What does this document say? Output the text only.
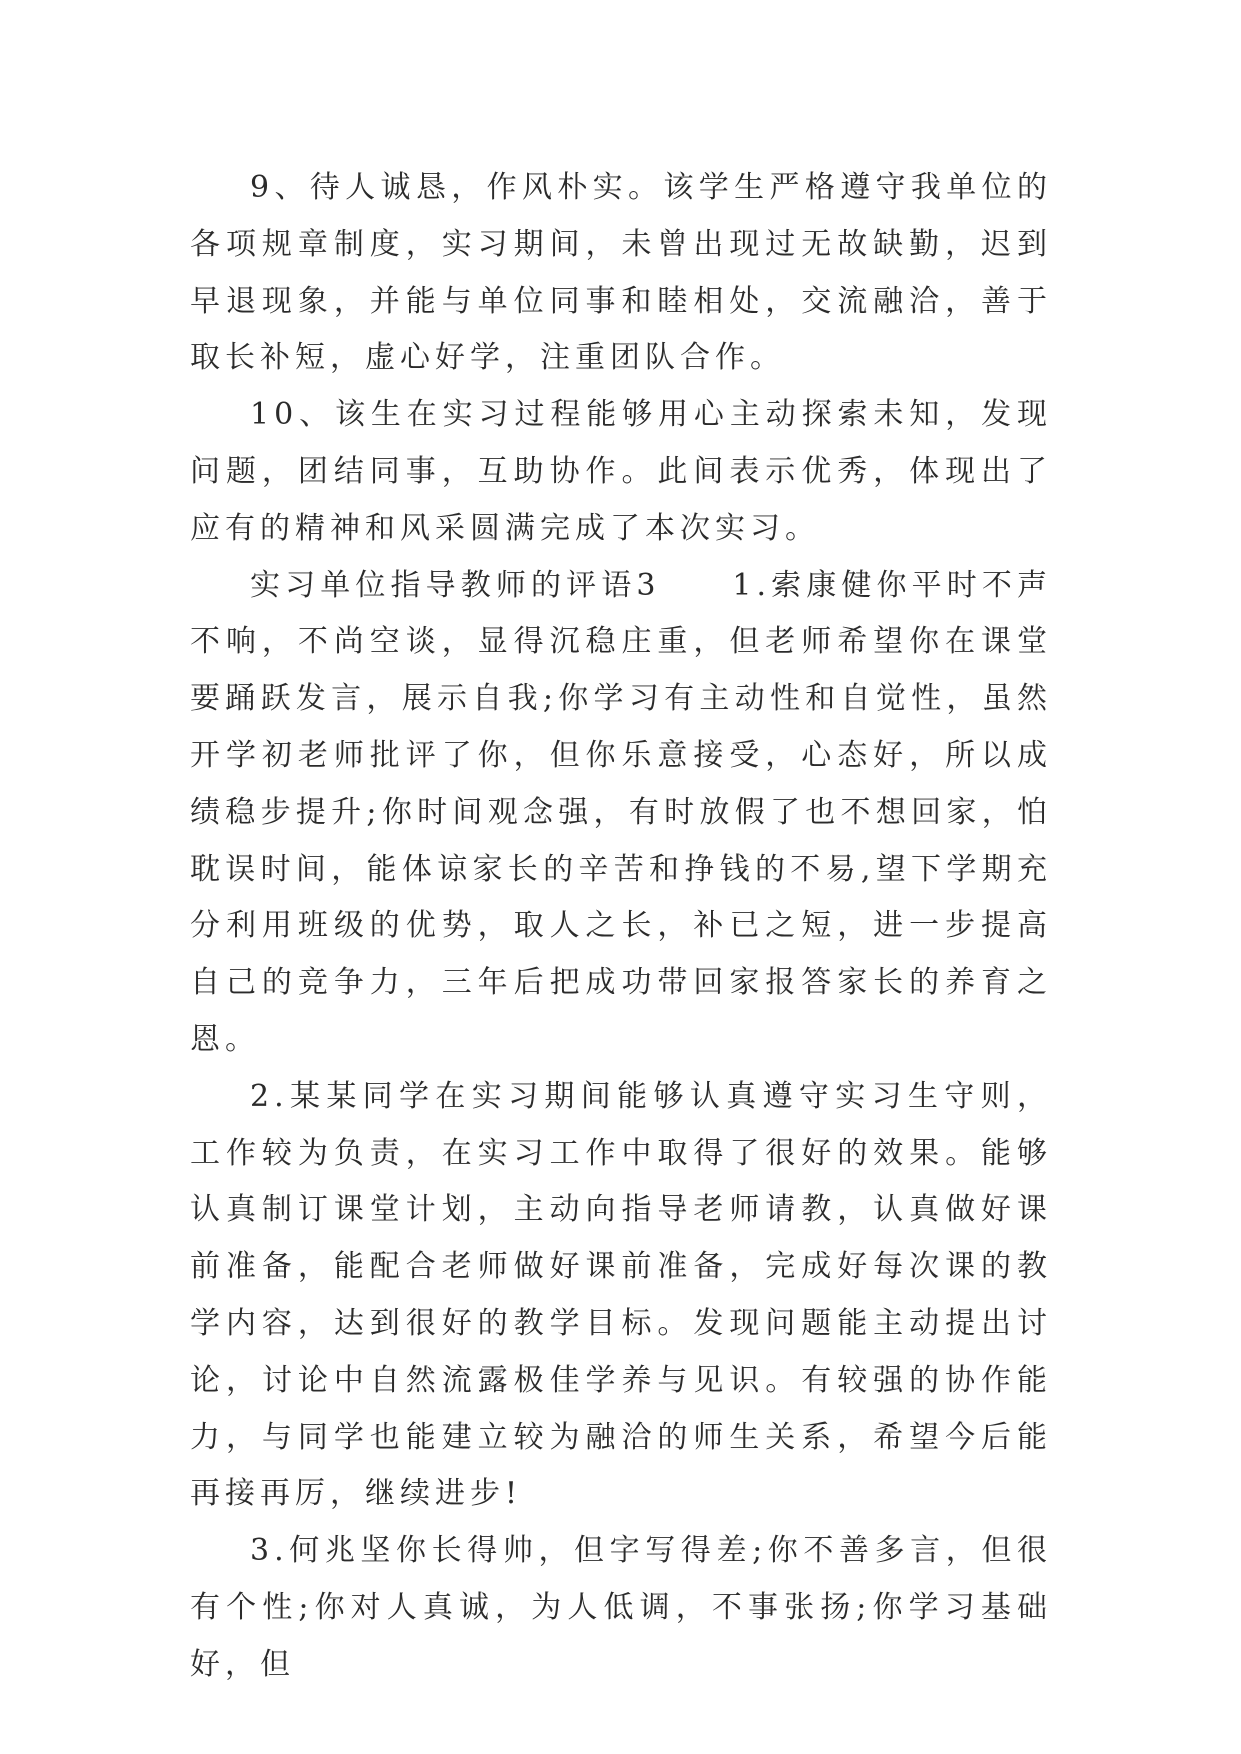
9、待人诚恳，作风朴实。该学生严格遵守我单位的各项规章制度，实习期间，未曾出现过无故缺勤，迟到早退现象，并能与单位同事和睦相处，交流融洽，善于取长补短，虚心好学，注重团队合作。

10、该生在实习过程能够用心主动探索未知，发现问题，团结同事，互助协作。此间表示优秀，体现出了应有的精神和风采圆满完成了本次实习。

实习单位指导教师的评语3 1.索康健你平时不声不响，不尚空谈，显得沉稳庄重，但老师希望你在课堂要踊跃发言，展示自我;你学习有主动性和自觉性，虽然开学初老师批评了你，但你乐意接受，心态好，所以成绩稳步提升;你时间观念强，有时放假了也不想回家，怕耽误时间，能体谅家长的辛苦和挣钱的不易,望下学期充分利用班级的优势，取人之长，补已之短，进一步提高自己的竞争力，三年后把成功带回家报答家长的养育之恩。

2.某某同学在实习期间能够认真遵守实习生守则，工作较为负责，在实习工作中取得了很好的效果。能够认真制订课堂计划，主动向指导老师请教，认真做好课前准备，能配合老师做好课前准备，完成好每次课的教学内容，达到很好的教学目标。发现问题能主动提出讨论，讨论中自然流露极佳学养与见识。有较强的协作能力，与同学也能建立较为融洽的师生关系，希望今后能再接再厉，继续进步!

3.何兆坚你长得帅，但字写得差;你不善多言，但很有个性;你对人真诚，为人低调，不事张扬;你学习基础好，但
